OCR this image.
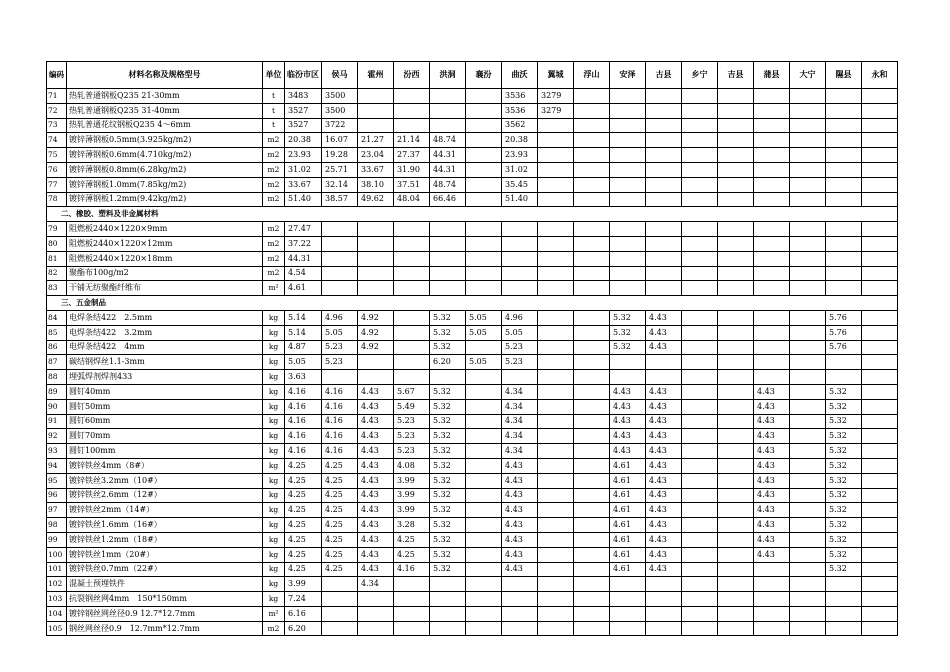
编码	材料名称及规格型号	单位	临汾市区	侯马	霍州	汾西	洪洞	襄汾	曲沃	翼城	浮山	安泽	古县	乡宁	吉县	蒲县	大宁	隰县	永和
71	热轧普通钢板Q235 21-30mm	t	3483	3500					3536	3279									
72	热轧普通钢板Q235 31-40mm	t	3527	3500					3536	3279									
73	热轧普通花纹钢板Q235 4～6mm	t	3527	3722					3562										
74	镀锌薄钢板0.5mm(3.925kg/m2)	m2	20.38	16.07	21.27	21.14	48.74		20.38										
75	镀锌薄钢板0.6mm(4.710kg/m2)	m2	23.93	19.28	23.04	27.37	44.31		23.93										
76	镀锌薄钢板0.8mm(6.28kg/m2)	m2	31.02	25.71	33.67	31.90	44.31		31.02										
77	镀锌薄钢板1.0mm(7.85kg/m2)	m2	33.67	32.14	38.10	37.51	48.74		35.45										
78	镀锌薄钢板1.2mm(9.42kg/m2)	m2	51.40	38.57	49.62	48.04	66.46		51.40										
二、橡胶、塑料及非金属材料																			
79	阻燃板2440×1220×9mm	m2	27.47																
80	阻燃板2440×1220×12mm	m2	37.22																
81	阻燃板2440×1220×18mm	m2	44.31																
82	聚酯布100g/m2	m2	4.54																
83	干铺无纺聚酯纤维布	m²	4.61																
三、五金制品																			
84	电焊条结422　2.5mm	kg	5.14	4.96	4.92		5.32	5.05	4.96			5.32	4.43					5.76	
85	电焊条结422　3.2mm	kg	5.14	5.05	4.92		5.32	5.05	5.05			5.32	4.43					5.76	
86	电焊条结422　4mm	kg	4.87	5.23	4.92		5.32		5.23			5.32	4.43					5.76	
87	碳结钢焊丝1.1-3mm	kg	5.05	5.23			6.20	5.05	5.23										
88	埋弧焊剂焊剂433	kg	3.63																
89	圆钉40mm	kg	4.16	4.16	4.43	5.67	5.32		4.34			4.43	4.43			4.43		5.32	
90	圆钉50mm	kg	4.16	4.16	4.43	5.49	5.32		4.34			4.43	4.43			4.43		5.32	
91	圆钉60mm	kg	4.16	4.16	4.43	5.23	5.32		4.34			4.43	4.43			4.43		5.32	
92	圆钉70mm	kg	4.16	4.16	4.43	5.23	5.32		4.34			4.43	4.43			4.43		5.32	
93	圆钉100mm	kg	4.16	4.16	4.43	5.23	5.32		4.34			4.43	4.43			4.43		5.32	
94	镀锌铁丝4mm（8#）	kg	4.25	4.25	4.43	4.08	5.32		4.43			4.61	4.43			4.43		5.32	
95	镀锌铁丝3.2mm（10#）	kg	4.25	4.25	4.43	3.99	5.32		4.43			4.61	4.43			4.43		5.32	
96	镀锌铁丝2.6mm（12#）	kg	4.25	4.25	4.43	3.99	5.32		4.43			4.61	4.43			4.43		5.32	
97	镀锌铁丝2mm（14#）	kg	4.25	4.25	4.43	3.99	5.32		4.43			4.61	4.43			4.43		5.32	
98	镀锌铁丝1.6mm（16#）	kg	4.25	4.25	4.43	3.28	5.32		4.43			4.61	4.43			4.43		5.32	
99	镀锌铁丝1.2mm（18#）	kg	4.25	4.25	4.43	4.25	5.32		4.43			4.61	4.43			4.43		5.32	
100	镀锌铁丝1mm（20#）	kg	4.25	4.25	4.43	4.25	5.32		4.43			4.61	4.43			4.43		5.32	
101	镀锌铁丝0.7mm（22#）	kg	4.25	4.25	4.43	4.16	5.32		4.43			4.61	4.43					5.32	
102	混凝土预埋铁件	kg	3.99		4.34														
103	抗裂钢丝网4mm　150*150mm	kg	7.24																
104	镀锌钢丝网丝径0.9 12.7*12.7mm	m²	6.16																
105	钢丝网丝径0.9　12.7mm*12.7mm	m2	6.20																
